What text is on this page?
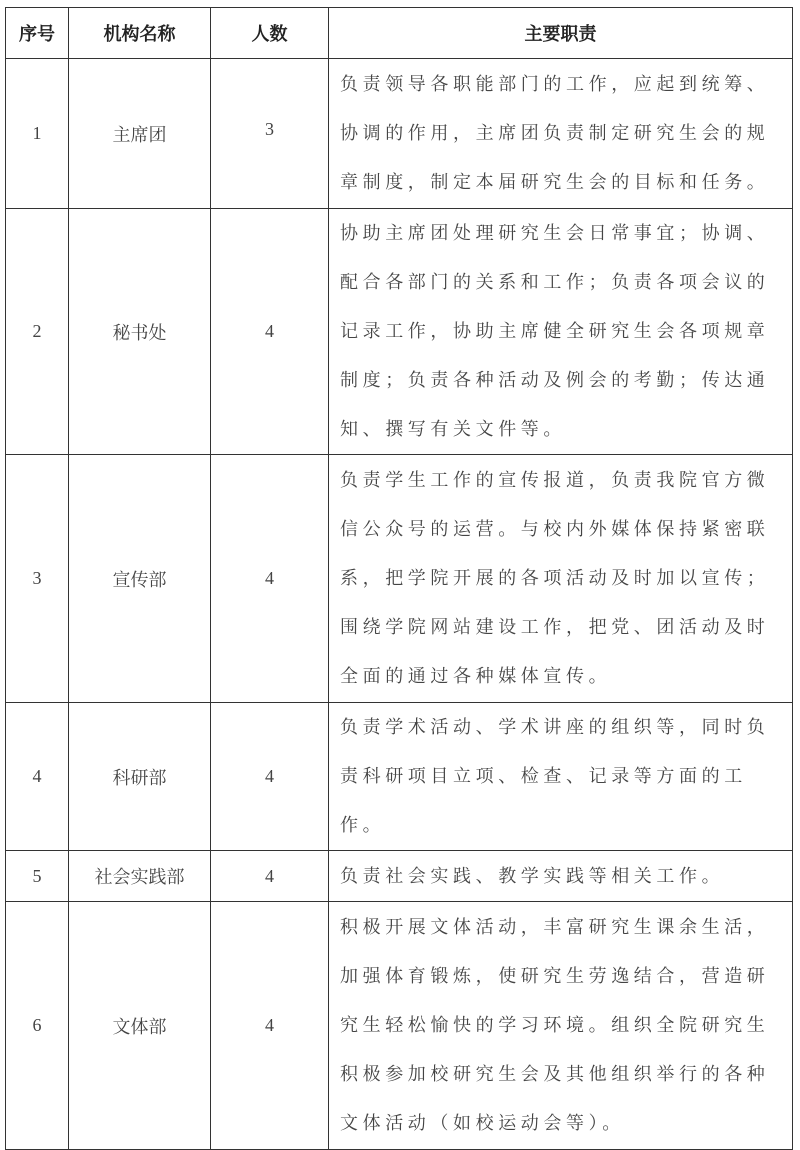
序号	机构名称	人数	主要职责
1	主席团	3	负责领导各职能部门的工作，应起到统筹、协调的作用，主席团负责制定研究生会的规章制度，制定本届研究生会的目标和任务。
2	秘书处	4	协助主席团处理研究生会日常事宜；协调、配合各部门的关系和工作；负责各项会议的记录工作，协助主席健全研究生会各项规章制度；负责各种活动及例会的考勤；传达通知、撰写有关文件等。
3	宣传部	4	负责学生工作的宣传报道，负责我院官方微信公众号的运营。与校内外媒体保持紧密联系，把学院开展的各项活动及时加以宣传；围绕学院网站建设工作，把党、团活动及时全面的通过各种媒体宣传。
4	科研部	4	负责学术活动、学术讲座的组织等，同时负责科研项目立项、检查、记录等方面的工作。
5	社会实践部	4	负责社会实践、教学实践等相关工作。
6	文体部	4	积极开展文体活动，丰富研究生课余生活，加强体育锻炼，使研究生劳逸结合，营造研究生轻松愉快的学习环境。组织全院研究生积极参加校研究生会及其他组织举行的各种文体活动（如校运动会等）。
